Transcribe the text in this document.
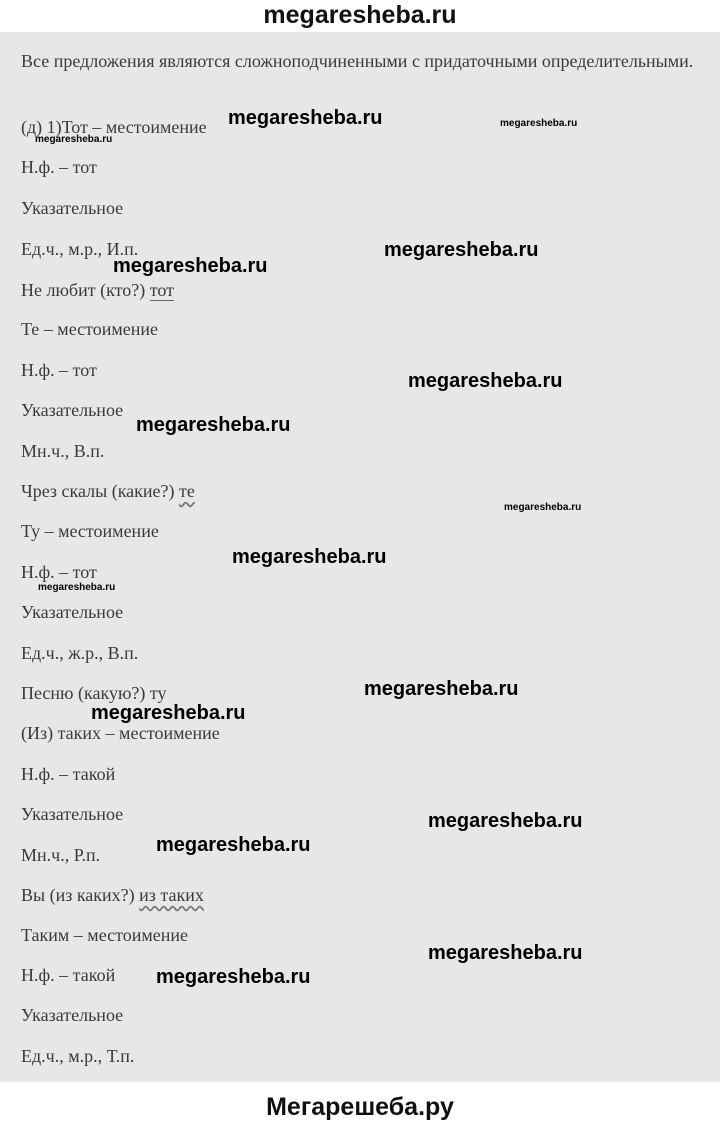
megaresheba.ru
Все предложения являются сложноподчиненными с придаточными определительными.
(д) 1)Тот – местоимение
Н.ф. – тот
Указательное
Ед.ч., м.р., И.п.
Не любит (кто?) тот
Те – местоимение
Н.ф. – тот
Указательное
Мн.ч., В.п.
Чрез скалы (какие?) те
Ту – местоимение
Н.ф. – тот
Указательное
Ед.ч., ж.р., В.п.
Песню (какую?) ту
(Из) таких – местоимение
Н.ф. – такой
Указательное
Мн.ч., Р.п.
Вы (из каких?) из таких
Таким – местоимение
Н.ф. – такой
Указательное
Ед.ч., м.р., Т.п.
megaresheba.ru	megaresheba.ru
megaresheba.ru
megaresheba.ru
megaresheba.ru
megaresheba.ru
megaresheba.ru
megaresheba.ru
megaresheba.ru
megaresheba.ru
megaresheba.ru
megaresheba.ru
megaresheba.ru
megaresheba.ru
megaresheba.ru
megaresheba.ru
Мегарешеба.ру
